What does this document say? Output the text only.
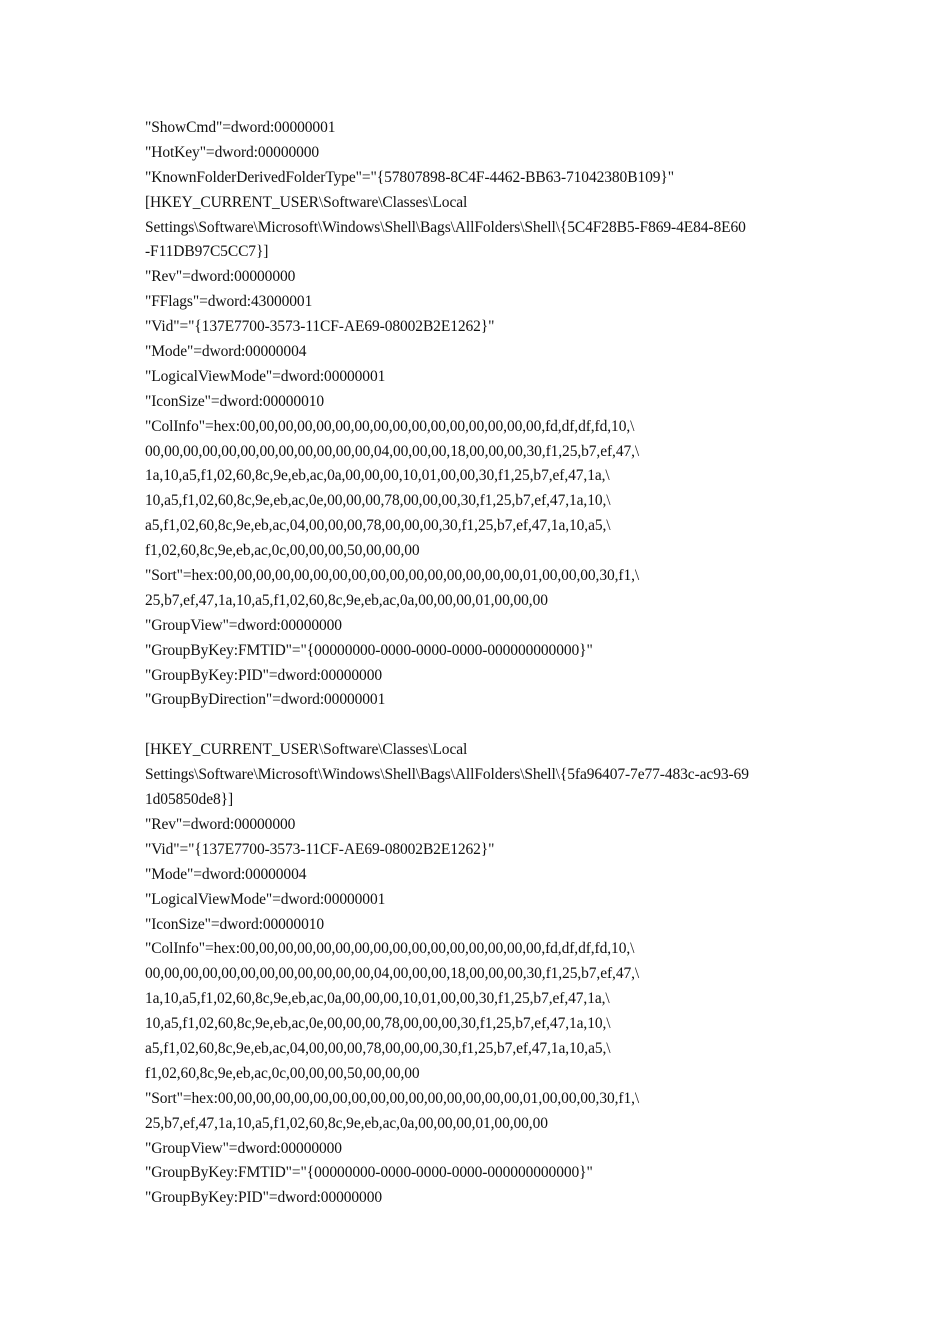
"ShowCmd"=dword:00000001
"HotKey"=dword:00000000
"KnownFolderDerivedFolderType"="{57807898-8C4F-4462-BB63-71042380B109}"
[HKEY_CURRENT_USER\Software\Classes\Local
Settings\Software\Microsoft\Windows\Shell\Bags\AllFolders\Shell\{5C4F28B5-F869-4E84-8E60
-F11DB97C5CC7}]
"Rev"=dword:00000000
"FFlags"=dword:43000001
"Vid"="{137E7700-3573-11CF-AE69-08002B2E1262}"
"Mode"=dword:00000004
"LogicalViewMode"=dword:00000001
"IconSize"=dword:00000010
"ColInfo"=hex:00,00,00,00,00,00,00,00,00,00,00,00,00,00,00,00,fd,df,df,fd,10,\
00,00,00,00,00,00,00,00,00,00,00,00,04,00,00,00,18,00,00,00,30,f1,25,b7,ef,47,\
1a,10,a5,f1,02,60,8c,9e,eb,ac,0a,00,00,00,10,01,00,00,30,f1,25,b7,ef,47,1a,\
10,a5,f1,02,60,8c,9e,eb,ac,0e,00,00,00,78,00,00,00,30,f1,25,b7,ef,47,1a,10,\
a5,f1,02,60,8c,9e,eb,ac,04,00,00,00,78,00,00,00,30,f1,25,b7,ef,47,1a,10,a5,\
f1,02,60,8c,9e,eb,ac,0c,00,00,00,50,00,00,00
"Sort"=hex:00,00,00,00,00,00,00,00,00,00,00,00,00,00,00,00,01,00,00,00,30,f1,\
25,b7,ef,47,1a,10,a5,f1,02,60,8c,9e,eb,ac,0a,00,00,00,01,00,00,00
"GroupView"=dword:00000000
"GroupByKey:FMTID"="{00000000-0000-0000-0000-000000000000}"
"GroupByKey:PID"=dword:00000000
"GroupByDirection"=dword:00000001
[HKEY_CURRENT_USER\Software\Classes\Local
Settings\Software\Microsoft\Windows\Shell\Bags\AllFolders\Shell\{5fa96407-7e77-483c-ac93-69
1d05850de8}]
"Rev"=dword:00000000
"Vid"="{137E7700-3573-11CF-AE69-08002B2E1262}"
"Mode"=dword:00000004
"LogicalViewMode"=dword:00000001
"IconSize"=dword:00000010
"ColInfo"=hex:00,00,00,00,00,00,00,00,00,00,00,00,00,00,00,00,fd,df,df,fd,10,\
00,00,00,00,00,00,00,00,00,00,00,00,04,00,00,00,18,00,00,00,30,f1,25,b7,ef,47,\
1a,10,a5,f1,02,60,8c,9e,eb,ac,0a,00,00,00,10,01,00,00,30,f1,25,b7,ef,47,1a,\
10,a5,f1,02,60,8c,9e,eb,ac,0e,00,00,00,78,00,00,00,30,f1,25,b7,ef,47,1a,10,\
a5,f1,02,60,8c,9e,eb,ac,04,00,00,00,78,00,00,00,30,f1,25,b7,ef,47,1a,10,a5,\
f1,02,60,8c,9e,eb,ac,0c,00,00,00,50,00,00,00
"Sort"=hex:00,00,00,00,00,00,00,00,00,00,00,00,00,00,00,00,01,00,00,00,30,f1,\
25,b7,ef,47,1a,10,a5,f1,02,60,8c,9e,eb,ac,0a,00,00,00,01,00,00,00
"GroupView"=dword:00000000
"GroupByKey:FMTID"="{00000000-0000-0000-0000-000000000000}"
"GroupByKey:PID"=dword:00000000
